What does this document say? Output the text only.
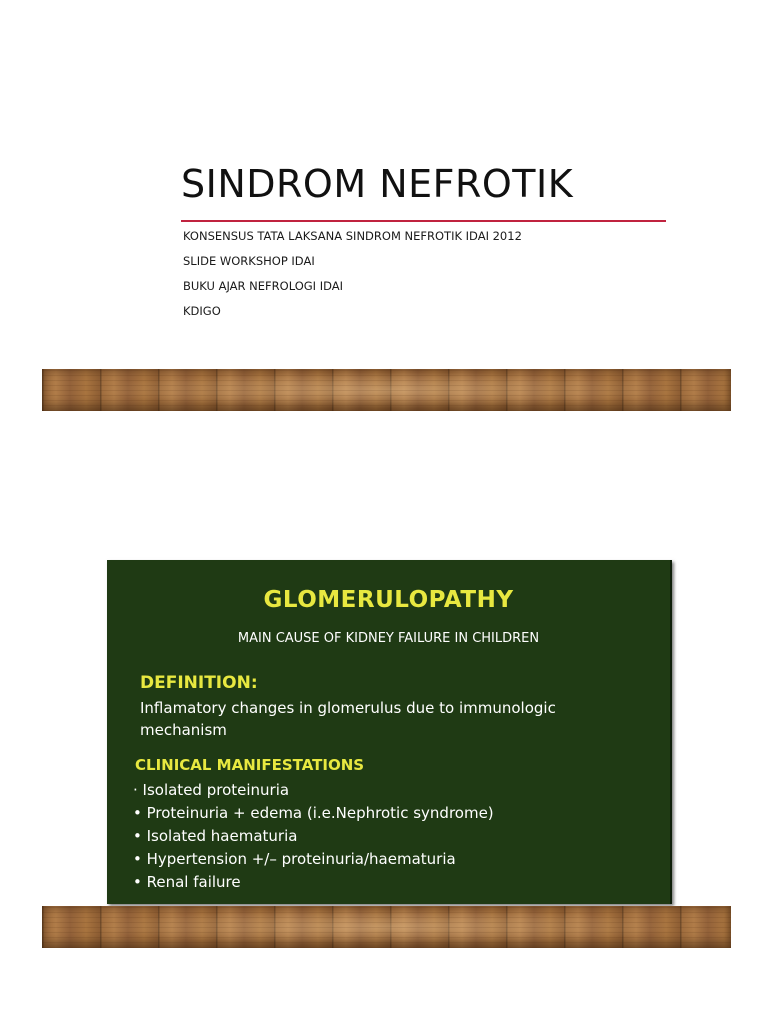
SINDROM NEFROTIK
KONSENSUS TATA LAKSANA SINDROM NEFROTIK IDAI 2012
SLIDE WORKSHOP IDAI
BUKU AJAR NEFROLOGI IDAI
KDIGO
GLOMERULOPATHY
MAIN CAUSE OF KIDNEY FAILURE IN CHILDREN
DEFINITION:
Inflamatory changes in glomerulus due to immunologic mechanism
CLINICAL MANIFESTATIONS
· Isolated proteinuria
• Proteinuria + edema (i.e.Nephrotic syndrome)
• Isolated haematuria
• Hypertension +/– proteinuria/haematuria
• Renal failure
